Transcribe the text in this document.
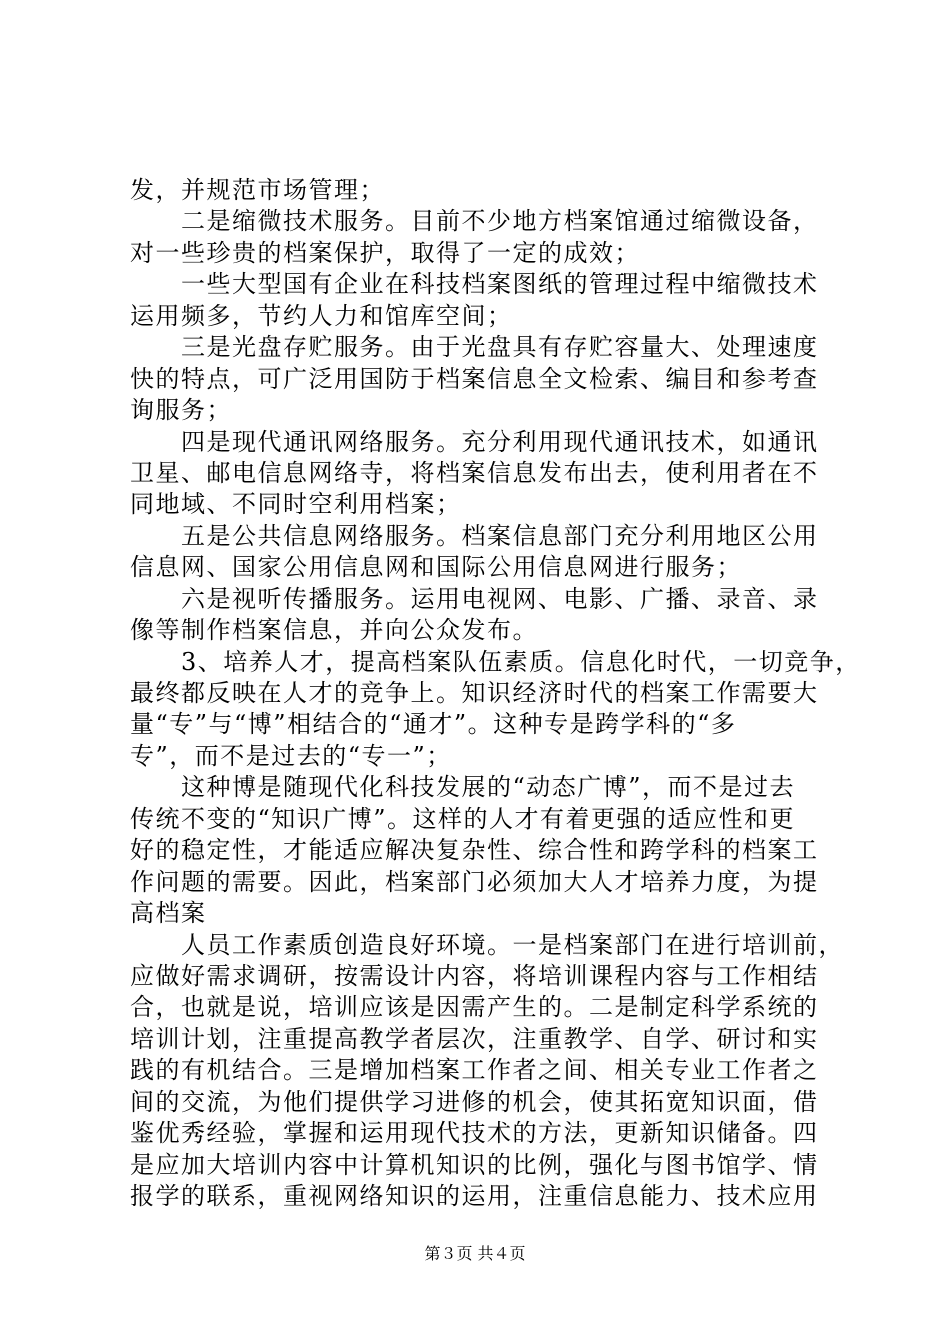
发，并规范市场管理；
　　二是缩微技术服务。目前不少地方档案馆通过缩微设备，
对一些珍贵的档案保护，取得了一定的成效；
　　一些大型国有企业在科技档案图纸的管理过程中缩微技术
运用频多，节约人力和馆库空间；
　　三是光盘存贮服务。由于光盘具有存贮容量大、处理速度
快的特点，可广泛用国防于档案信息全文检索、编目和参考查
询服务；
　　四是现代通讯网络服务。充分利用现代通讯技术，如通讯
卫星、邮电信息网络寺，将档案信息发布出去，使利用者在不
同地域、不同时空利用档案；
　　五是公共信息网络服务。档案信息部门充分利用地区公用
信息网、国家公用信息网和国际公用信息网进行服务；
　　六是视听传播服务。运用电视网、电影、广播、录音、录
像等制作档案信息，并向公众发布。
　　3、培养人才，提高档案队伍素质。信息化时代，一切竞争，
最终都反映在人才的竞争上。知识经济时代的档案工作需要大
量“专”与“博”相结合的“通才”。这种专是跨学科的“多
专”，而不是过去的“专一”；
　　这种博是随现代化科技发展的“动态广博”，而不是过去
传统不变的“知识广博”。这样的人才有着更强的适应性和更
好的稳定性，才能适应解决复杂性、综合性和跨学科的档案工
作问题的需要。因此，档案部门必须加大人才培养力度，为提
高档案
　　人员工作素质创造良好环境。一是档案部门在进行培训前，
应做好需求调研，按需设计内容，将培训课程内容与工作相结
合，也就是说，培训应该是因需产生的。二是制定科学系统的
培训计划，注重提高教学者层次，注重教学、自学、研讨和实
践的有机结合。三是增加档案工作者之间、相关专业工作者之
间的交流，为他们提供学习进修的机会，使其拓宽知识面，借
鉴优秀经验，掌握和运用现代技术的方法，更新知识储备。四
是应加大培训内容中计算机知识的比例，强化与图书馆学、情
报学的联系，重视网络知识的运用，注重信息能力、技术应用
第３页 共４页
